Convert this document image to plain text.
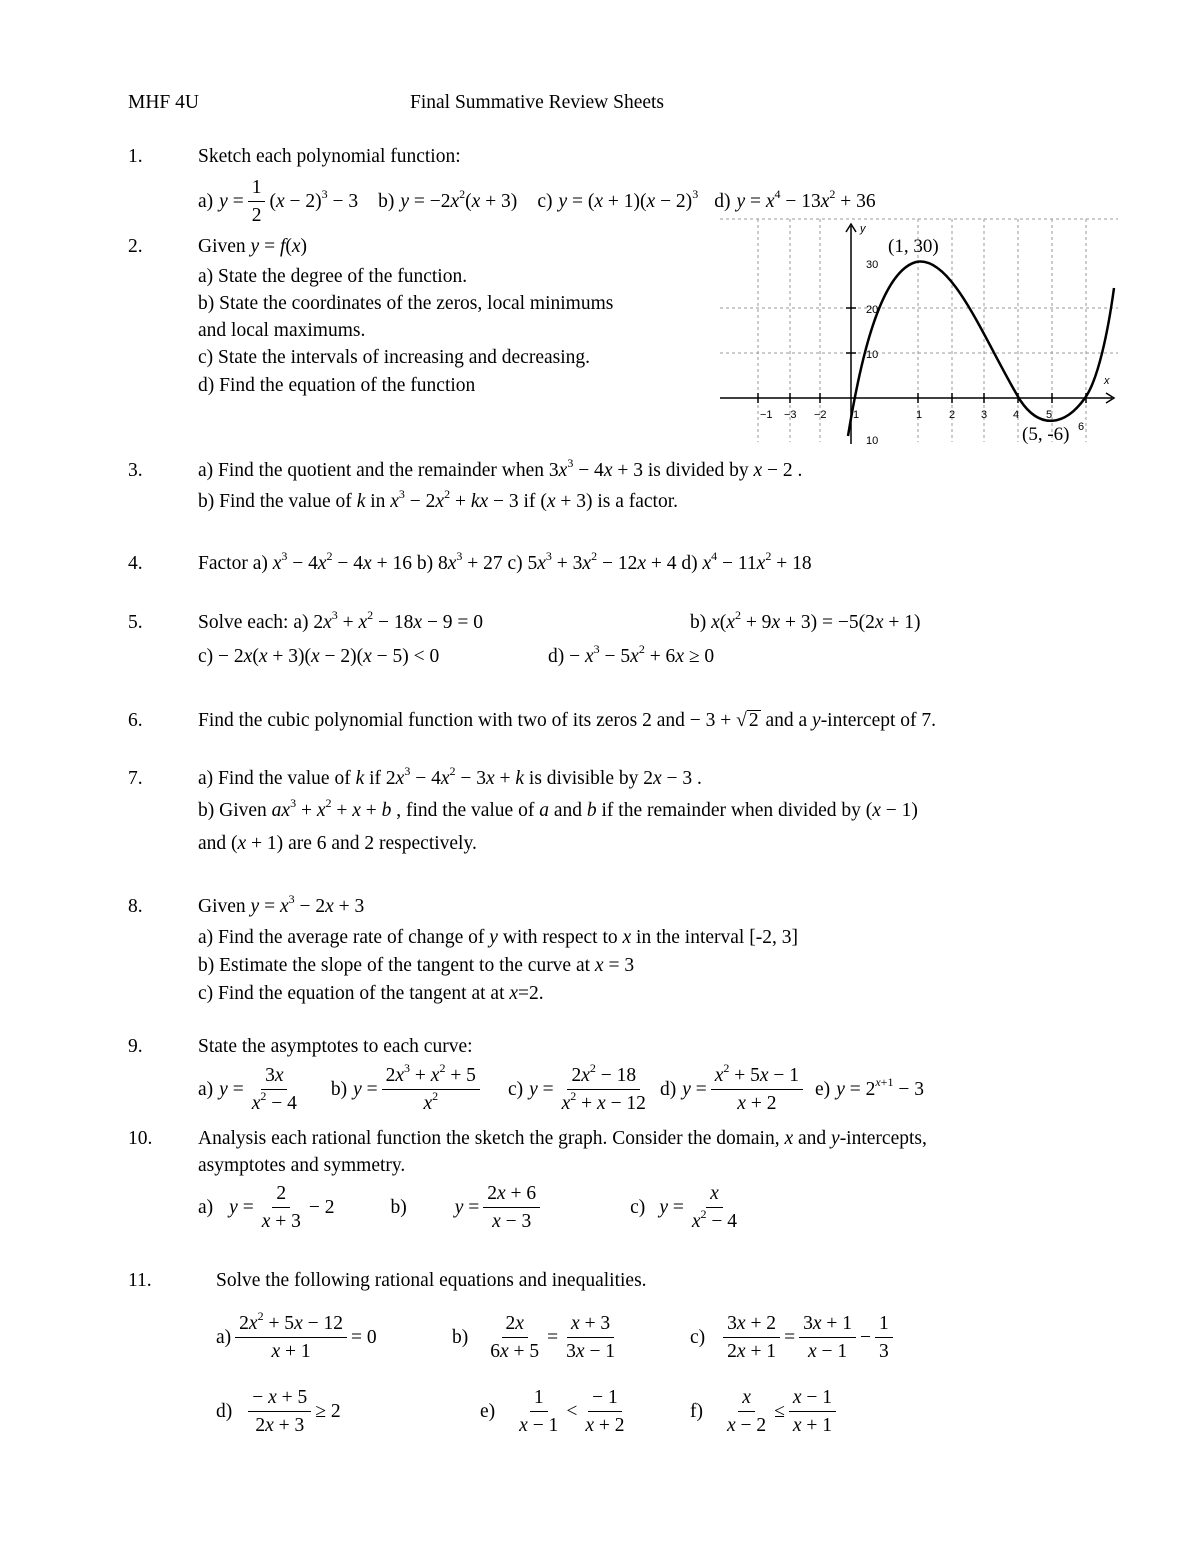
MHF 4U	Final Summative Review Sheets
1.	Sketch each polynomial function:
a) $y = \frac{1}{2} (x - 2)^3 - 3$ b) $y = -2x^2(x + 3)$ c) $y = (x + 1)(x - 2)^3$ d) $y = x^4 - 13x^2 + 36$
2.	Given y = f(x)
a) State the degree of the function.
b) State the coordinates of the zeros, local minimums
and local maximums.
c) State the intervals of increasing and decreasing.
d) Find the equation of the function
(1, 30)
(5, -6)
−1 −3 −2 1	1 2 3 4 5
6
30
20
10
10
x
y
3.	a) Find the quotient and the remainder when $3x^3 - 4x + 3$ is divided by x − 2 .
b) Find the value of k in $x^3 - 2x^2$ + kx − 3 if (x + 3) is a factor.
4.	Factor a) $x^3 - 4x^2 - 4x + 16$ b) $8x^3 + 27$ c) $5x^3 + 3x^2 - 12x + 4$ d) $x^4 - 11x^2 + 18$
5.	Solve each: a) $2x^3 + x^2 - 18x - 9 = 0$	b) $x(x^2 + 9x + 3) = -5(2x + 1)$
c) − 2x(x + 3)(x − 2)(x − 5) < 0	$d) - x^3 - 5x^2 + 6x \ge 0$
6.	Find the cubic polynomial function with two of its zeros 2 and − 3 + √ 2 and a y-intercept of 7.
7.	a) Find the value of k if $2x^3 - 4x^2 - 3x + k$ is divisible by 2x − 3 .
b) Given $ax^3 + x^2 + x + b$ , find the value of a and b if the remainder when divided by (x − 1)
and (x + 1) are 6 and 2 respectively.
8.	Given $y = x^3 - 2x + 3$
a) Find the average rate of change of y with respect to x in the interval [-2, 3]
b) Estimate the slope of the tangent to the curve at x = 3
c) Find the equation of the tangent at at x=2.
9.	State the asymptotes to each curve:
a) $y = \frac{3x}{x^2 - 4} b$) $y = \frac{2x^3 + x^2 + 5}{x^2} c$) $y = \frac{2x^2 - 18}{x^2 + x - 12} d$) $y = \frac{x^2 + 5x - 1}{x + 2} e$) $y = 2^{x+1} - 3$
10. Analysis each rational function the sketch the graph. Consider the domain, x and y-intercepts,
asymptotes and symmetry.
a) $y = \frac{2}{x + 3} - 2$	b) $y = \frac{2x + 6}{x - 3}$	c) $y = \frac{x}{x^2 - 4}$
11.	Solve the following rational equations and inequalities.
$a) \frac{2x^2 + 5x - 12}{x + 1} = 0$	$b) \frac{2x}{6x + 5} = \frac{x + 3}{3x - 1}$	$c) \frac{3x + 2}{2x + 1} = \frac{3x + 1}{x - 1} - \frac{1}{3}$
$d) \frac{- x + 5}{2x + 3} \ge 2$	$e) \frac{1}{x - 1} < \frac{- 1}{x + 2}$	$f) \frac{x}{x - 2} \le \frac{x - 1}{x + 1}$
